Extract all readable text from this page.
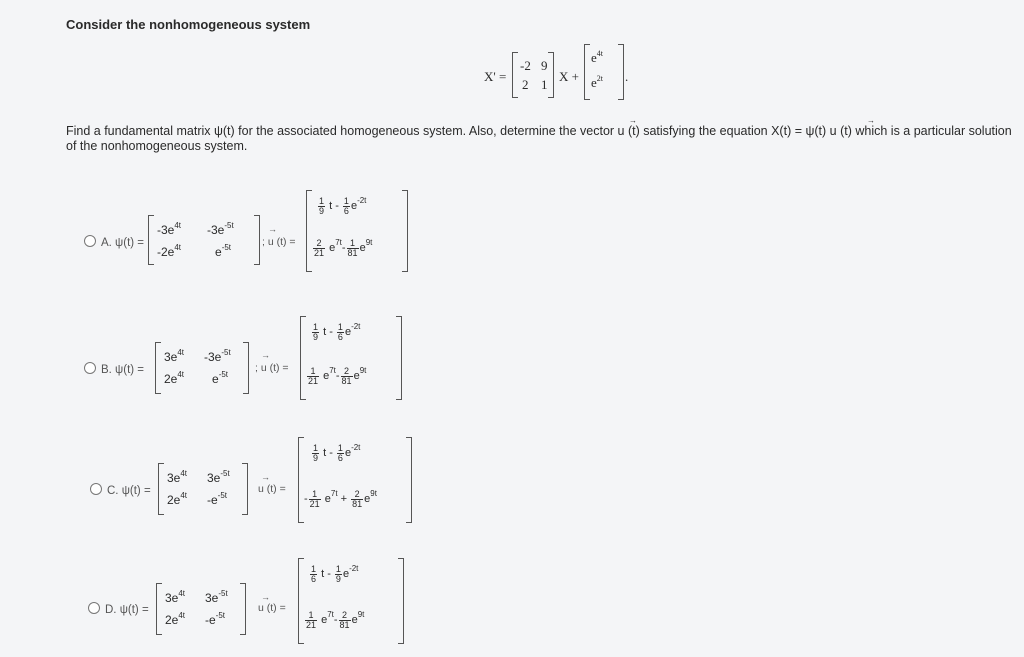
Consider the nonhomogeneous system
X' =
-2 9
2 1
X +
$e^{4t}$
$e^{2t}$ .
Find a fundamental matrix ψ(t) for the associated homogeneous system. Also, determine the vector u (t) satisfying the equation X(t) = ψ(t) u (t) which is a particular solution of the nonhomogeneous system.
→	→
A. ψ(t) =
$-3e^{4t}$ $-3e^{-5t}$
$-2e^{4t}$	$e^{-5t}$
→
; u (t) =
$\frac{1}{9}$ t - $\frac{1}{6} e^{-2t}$
$\frac{2}{21} e^{7t}- \frac{1}{81} e^{9t}$
B. ψ(t) =
$3e^{4t}$ $-3e^{-5t}$
$2e^{4t}$ $e^{-5t}$
→
; u (t) =
$\frac{1}{9}$ t - $\frac{1}{6} e^{-2t}$
$\frac{1}{21} e^{7t}- \frac{2}{81} e^{9t}$
C. ψ(t) =
$3e^{4t}$ $3e^{-5t}$
$2e^{4t}$ $-e^{-5t}$
→
u (t) =
$\frac{1}{9}$ t - $\frac{1}{6} e^{-2t}$
- $\frac{1}{21} e^{7t} + \frac{2}{81} e^{9t}$
D. ψ(t) =
$3e^{4t}$ $3e^{-5t}$
$2e^{4t}$ $-e^{-5t}$
→
u (t) =
$\frac{1}{6}$ t - $\frac{1}{9} e^{-2t}$
$\frac{1}{21} e^{7t}- \frac{2}{81} e^{9t}$
